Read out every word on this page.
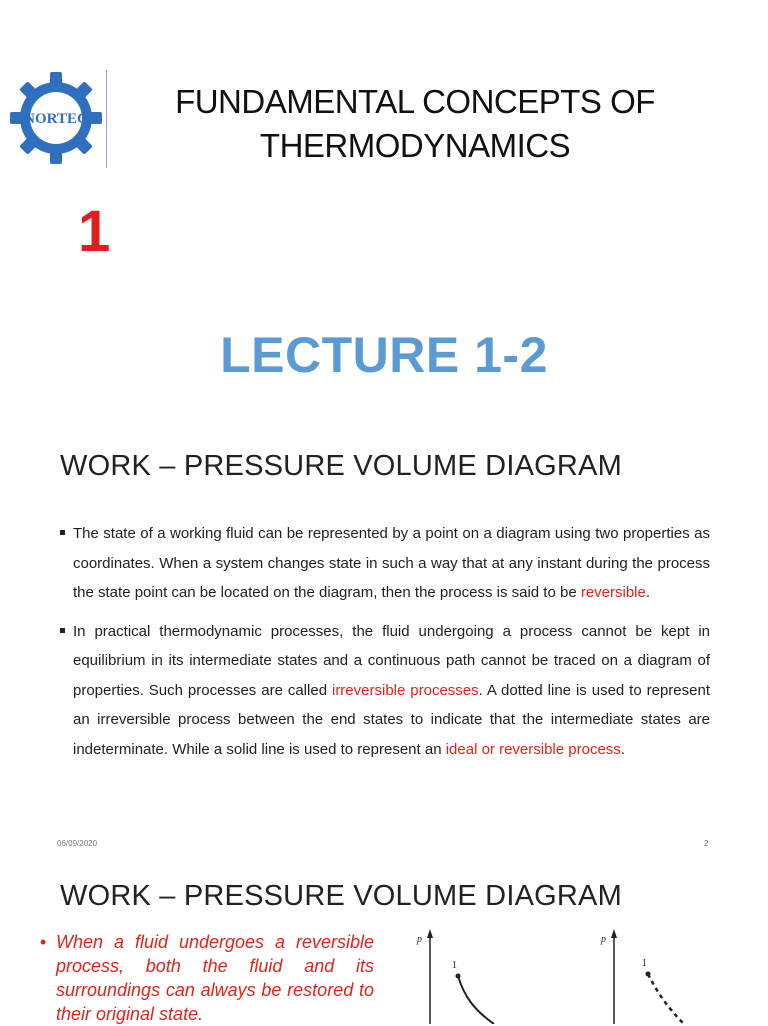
NORTEC	FUNDAMENTAL CONCEPTS OF
THERMODYNAMICS
1
LECTURE 1-2
WORK – PRESSURE VOLUME DIAGRAM
The state of a working fluid can be represented by a point on a diagram using two properties as coordinates. When a system changes state in such a way that at any instant during the process the state point can be located on the diagram, then the process is said to be reversible.
In practical thermodynamic processes, the fluid undergoing a process cannot be kept in equilibrium in its intermediate states and a continuous path cannot be traced on a diagram of properties. Such processes are called irreversible processes. A dotted line is used to represent an irreversible process between the end states to indicate that the intermediate states are indeterminate. While a solid line is used to represent an ideal or reversible process.
06/09/2020	2
WORK – PRESSURE VOLUME DIAGRAM
• When a fluid undergoes a reversible process, both the fluid and its surroundings can always be restored to their original state.
p
1
p
1
